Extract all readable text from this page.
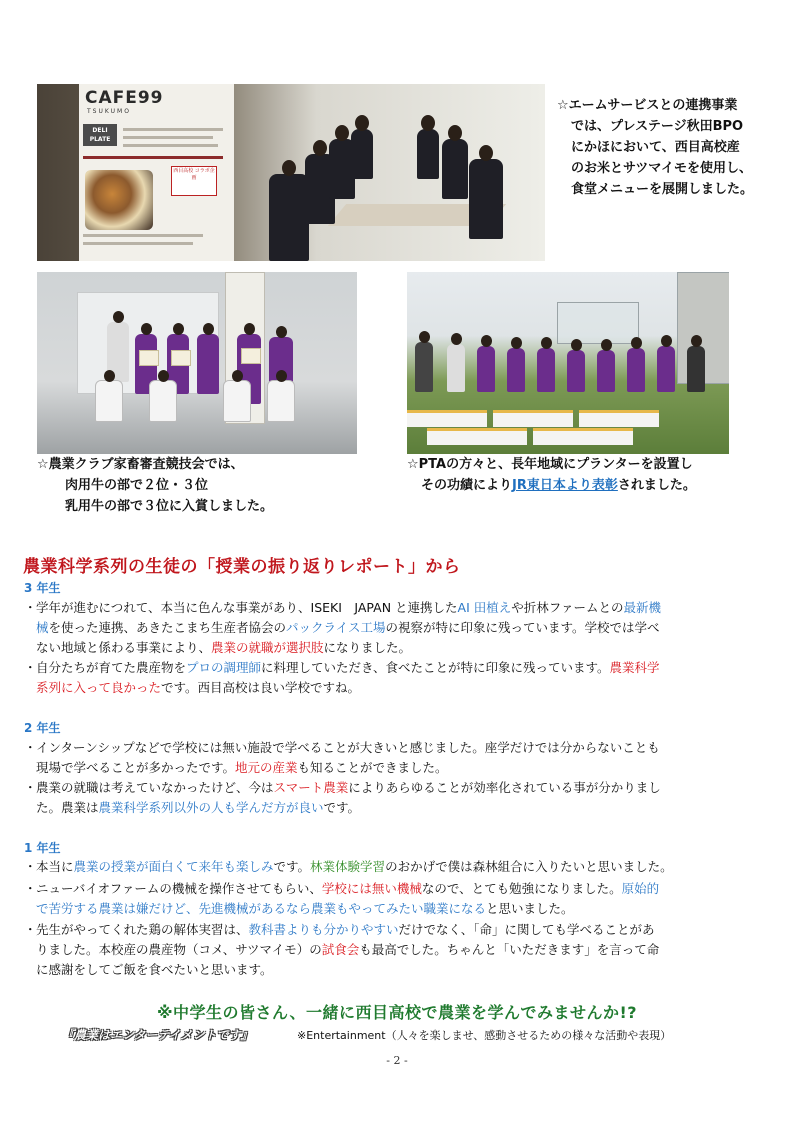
CAFE99
TSUKUMO
DELI PLATE
西目高校 コラボ企画
☆エームサービスとの連携事業
では、プレステージ秋田BPO
にかほにおいて、西目高校産
のお米とサツマイモを使用し、
食堂メニューを展開しました。
☆農業クラブ家畜審査競技会では、
肉用牛の部で２位・３位
乳用牛の部で３位に入賞しました。
☆PTAの方々と、長年地域にプランターを設置し
その功績によりJR東日本より表彰されました。
農業科学系列の生徒の「授業の振り返りレポート」から
3 年生
・ 学年が進むにつれて、本当に色んな事業があり、ISEKI　JAPAN と連携したAI 田植えや折林ファームとの最新機
械を使った連携、あきたこまち生産者協会のパックライス工場の視察が特に印象に残っています。学校では学べ
ない地域と係わる事業により、農業の就職が選択肢になりました。
・ 自分たちが育てた農産物をプロの調理師に料理していただき、食べたことが特に印象に残っています。農業科学
系列に入って良かったです。西目高校は良い学校ですね。
2 年生
・ インターンシップなどで学校には無い施設で学べることが大きいと感じました。座学だけでは分からないことも
現場で学べることが多かったです。地元の産業も知ることができました。
・ 農業の就職は考えていなかったけど、今はスマート農業によりあらゆることが効率化されている事が分かりまし
た。農業は農業科学系列以外の人も学んだ方が良いです。
1 年生
・ 本当に農業の授業が面白くて来年も楽しみです。林業体験学習のおかげで僕は森林組合に入りたいと思いました。
・ ニューバイオファームの機械を操作させてもらい、学校には無い機械なので、とても勉強になりました。原始的
で苦労する農業は嫌だけど、先進機械があるなら農業もやってみたい職業になると思いました。
・ 先生がやってくれた鶏の解体実習は、教科書よりも分かりやすいだけでなく、「命」に関しても学べることがあ
りました。本校産の農産物（コメ、サツマイモ）の試食会も最高でした。ちゃんと「いただきます」を言って命
に感謝をしてご飯を食べたいと思います。
※中学生の皆さん、一緒に西目高校で農業を学んでみませんか!?
『農業はエンターテイメントです』	※Entertainment（人々を楽しませ、感動させるための様々な活動や表現）
- 2 -
